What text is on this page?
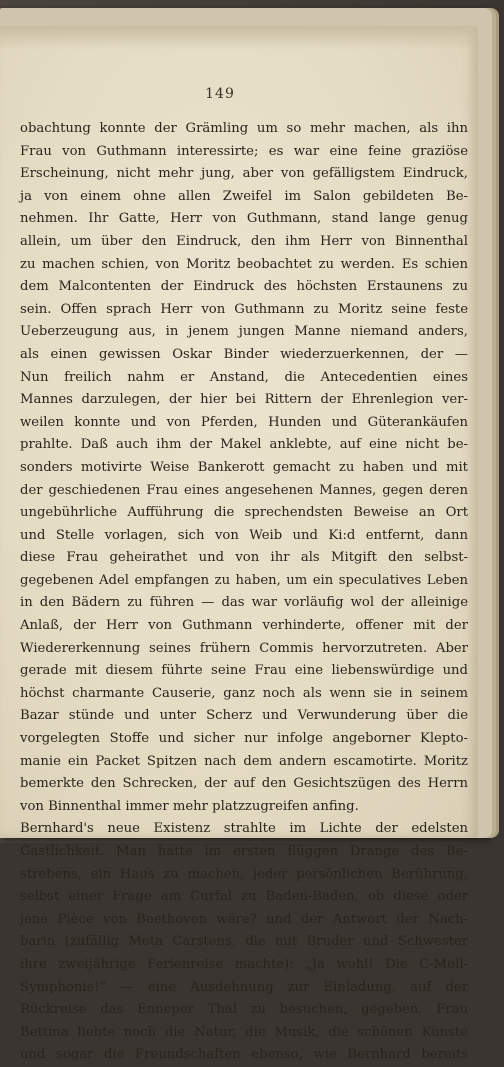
149
obachtung konnte der Grämling um so mehr machen, als ihn
Frau von Guthmann interessirte; es war eine feine graziöse
Erscheinung, nicht mehr jung, aber von gefälligstem Eindruck,
ja von einem ohne allen Zweifel im Salon gebildeten Be-
nehmen. Ihr Gatte, Herr von Guthmann, stand lange genug
allein, um über den Eindruck, den ihm Herr von Binnenthal
zu machen schien, von Moritz beobachtet zu werden. Es schien
dem Malcontenten der Eindruck des höchsten Erstaunens zu
sein. Offen sprach Herr von Guthmann zu Moritz seine feste
Ueberzeugung aus, in jenem jungen Manne niemand anders,
als einen gewissen Oskar Binder wiederzuerkennen, der —
Nun freilich nahm er Anstand, die Antecedentien eines
Mannes darzulegen, der hier bei Rittern der Ehrenlegion ver-
weilen konnte und von Pferden, Hunden und Güterankäufen
prahlte. Daß auch ihm der Makel anklebte, auf eine nicht be-
sonders motivirte Weise Bankerott gemacht zu haben und mit
der geschiedenen Frau eines angesehenen Mannes, gegen deren
ungebührliche Aufführung die sprechendsten Beweise an Ort
und Stelle vorlagen, sich von Weib und Ki:d entfernt, dann
diese Frau geheirathet und von ihr als Mitgift den selbst-
gegebenen Adel empfangen zu haben, um ein speculatives Leben
in den Bädern zu führen — das war vorläufig wol der alleinige
Anlaß, der Herr von Guthmann verhinderte, offener mit der
Wiedererkennung seines frühern Commis hervorzutreten. Aber
gerade mit diesem führte seine Frau eine liebenswürdige und
höchst charmante Causerie, ganz noch als wenn sie in seinem
Bazar stünde und unter Scherz und Verwunderung über die
vorgelegten Stoffe und sicher nur infolge angeborner Klepto-
manie ein Packet Spitzen nach dem andern escamotirte. Moritz
bemerkte den Schrecken, der auf den Gesichtszügen des Herrn
von Binnenthal immer mehr platzzugreifen anfing.
Bernhard's neue Existenz strahlte im Lichte der edelsten
Gastlichkeit. Man hatte im ersten flüggen Drange des Be-
strebens, ein Haus zu machen, jeder persönlichen Berührung,
selbst einer Frage am Curfal zu Baden-Baden, ob diese oder
jene Pièce von Beethoven wäre? und der Antwort der Nach-
barin (zufällig Meta Carstens, die mit Bruder und Schwester
ihre zweijährige Ferienreise machte): „Ja wohl! Die C-Moll-
Symphonie!“ — eine Ausdehnung zur Einladung, auf der
Rückreise das Enneper Thal zu besuchen, gegeben. Frau
Bettina liebte noch die Natur, die Musik, die schönen Künste
und sogar die Freundschaften ebenso, wie Bernhard bereits
